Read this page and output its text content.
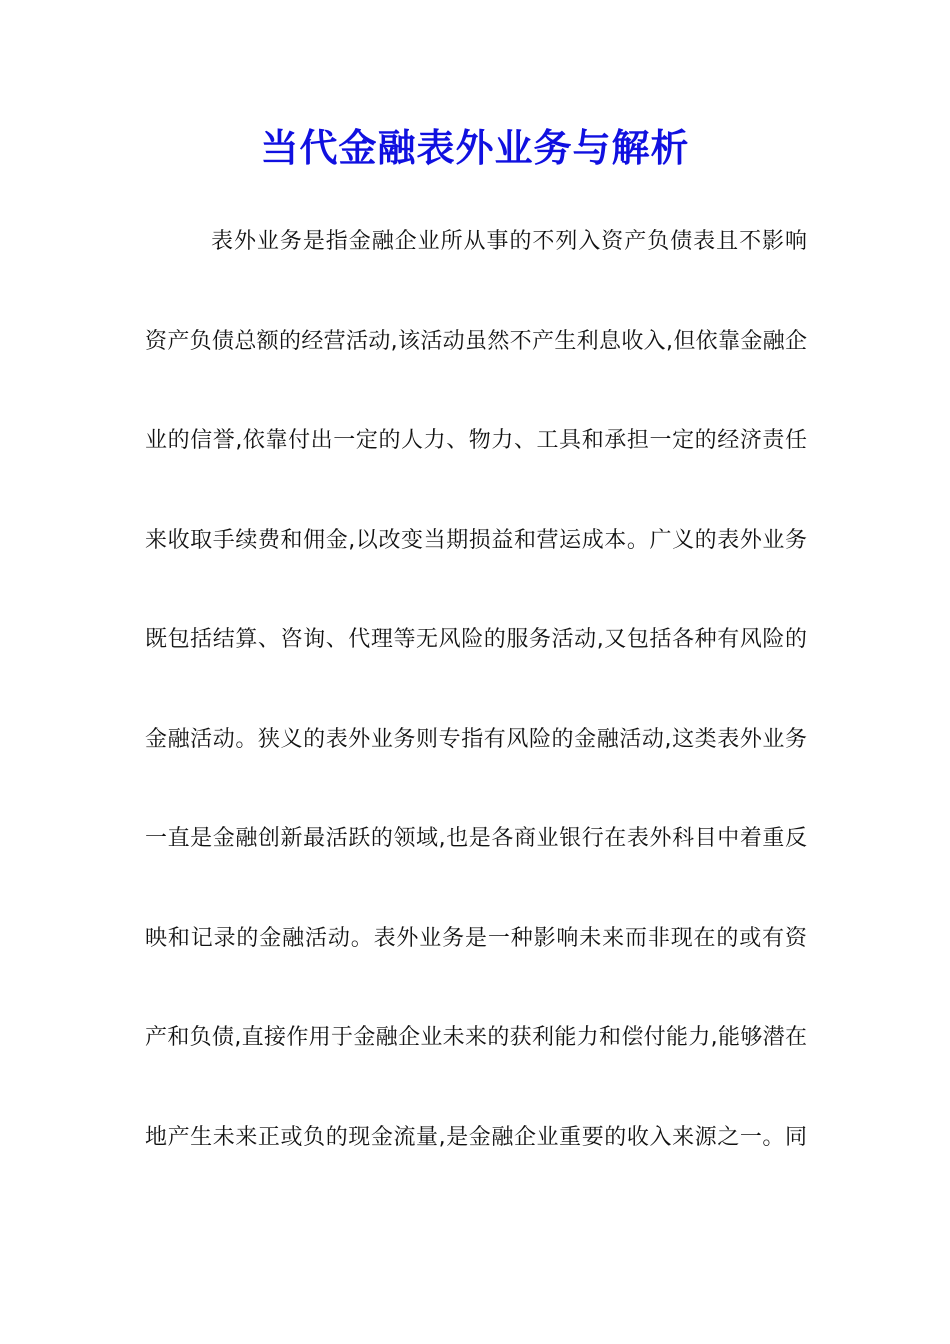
当代金融表外业务与解析
表外业务是指金融企业所从事的不列入资产负债表且不影响
资产负债总额的经营活动,该活动虽然不产生利息收入,但依靠金融企
业的信誉,依靠付出一定的人力、物力、工具和承担一定的经济责任
来收取手续费和佣金,以改变当期损益和营运成本。广义的表外业务
既包括结算、咨询、代理等无风险的服务活动,又包括各种有风险的
金融活动。狭义的表外业务则专指有风险的金融活动,这类表外业务
一直是金融创新最活跃的领域,也是各商业银行在表外科目中着重反
映和记录的金融活动。表外业务是一种影响未来而非现在的或有资
产和负债,直接作用于金融企业未来的获利能力和偿付能力,能够潜在
地产生未来正或负的现金流量,是金融企业重要的收入来源之一。同
